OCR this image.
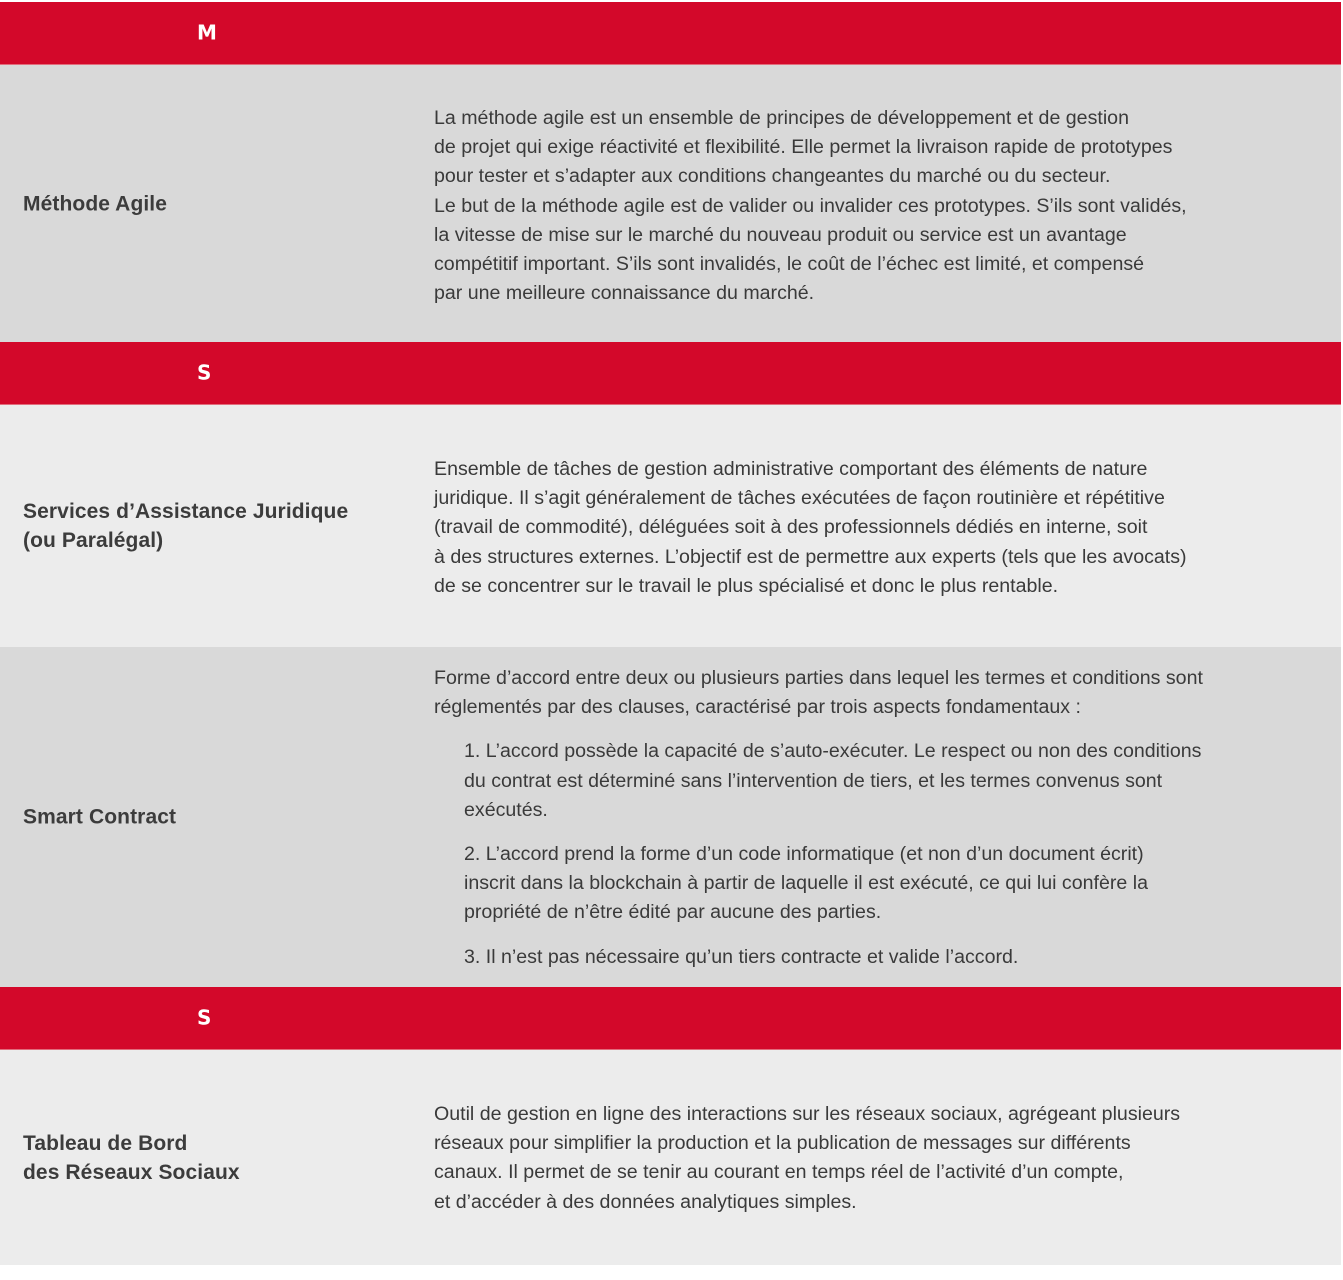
M
Méthode Agile
La méthode agile est un ensemble de principes de développement et de gestion
de projet qui exige réactivité et flexibilité. Elle permet la livraison rapide de prototypes
pour tester et s’adapter aux conditions changeantes du marché ou du secteur.
Le but de la méthode agile est de valider ou invalider ces prototypes. S’ils sont validés,
la vitesse de mise sur le marché du nouveau produit ou service est un avantage
compétitif important. S’ils sont invalidés, le coût de l’échec est limité, et compensé
par une meilleure connaissance du marché.
S
Services d’Assistance Juridique
(ou Paralégal)
Ensemble de tâches de gestion administrative comportant des éléments de nature
juridique. Il s’agit généralement de tâches exécutées de façon routinière et répétitive
(travail de commodité), déléguées soit à des professionnels dédiés en interne, soit
à des structures externes. L’objectif est de permettre aux experts (tels que les avocats)
de se concentrer sur le travail le plus spécialisé et donc le plus rentable.
Smart Contract
Forme d’accord entre deux ou plusieurs parties dans lequel les termes et conditions sont
réglementés par des clauses, caractérisé par trois aspects fondamentaux :
1. L’accord possède la capacité de s’auto-exécuter. Le respect ou non des conditions
du contrat est déterminé sans l’intervention de tiers, et les termes convenus sont
exécutés.
2. L’accord prend la forme d’un code informatique (et non d’un document écrit)
inscrit dans la blockchain à partir de laquelle il est exécuté, ce qui lui confère la
propriété de n’être édité par aucune des parties.
3. Il n’est pas nécessaire qu’un tiers contracte et valide l’accord.
S
Tableau de Bord
des Réseaux Sociaux
Outil de gestion en ligne des interactions sur les réseaux sociaux, agrégeant plusieurs
réseaux pour simplifier la production et la publication de messages sur différents
canaux. Il permet de se tenir au courant en temps réel de l’activité d’un compte,
et d’accéder à des données analytiques simples.
